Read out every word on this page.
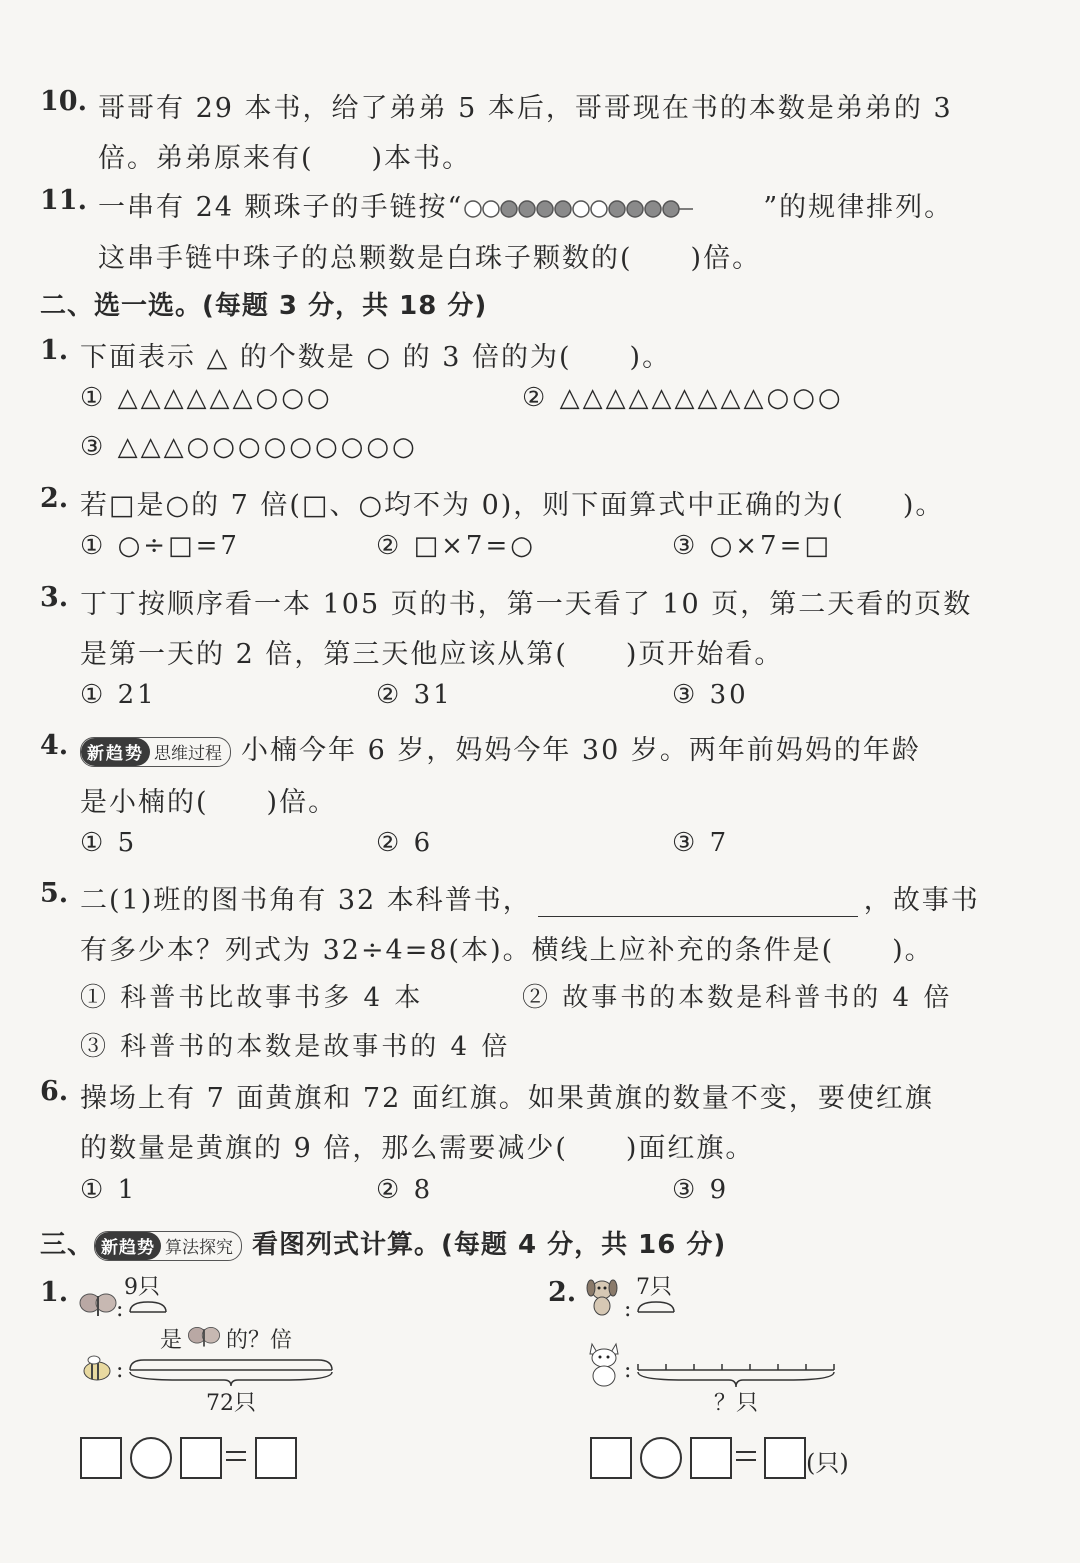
10. 哥哥有 29 本书，给了弟弟 5 本后，哥哥现在书的本数是弟弟的 3
倍。弟弟原来有(　　)本书。
11. 一串有 24 颗珠子的手链按“	”的规律排列。
这串手链中珠子的总颗数是白珠子颗数的(　　)倍。
二、选一选。(每题 3 分，共 18 分)
1. 下面表示 △ 的个数是 ○ 的 3 倍的为(　　)。
① △△△△△△○○○	② △△△△△△△△△○○○
③ △△△○○○○○○○○○
2. 若□是○的 7 倍(□、○均不为 0)，则下面算式中正确的为(　　)。
① ○÷□=7	② □×7=○	③ ○×7=□
3. 丁丁按顺序看一本 105 页的书，第一天看了 10 页，第二天看的页数
是第一天的 2 倍，第三天他应该从第(　　)页开始看。
① 21	② 31	③ 30
4.	新趋势 思维过程 小楠今年 6 岁，妈妈今年 30 岁。两年前妈妈的年龄
是小楠的(　　)倍。
① 5	② 6	③ 7
5. 二(1)班的图书角有 32 本科普书，	，故事书
有多少本？列式为 32÷4=8(本)。横线上应补充的条件是(　　)。
① 科普书比故事书多 4 本	② 故事书的本数是科普书的 4 倍
③ 科普书的本数是故事书的 4 倍
6. 操场上有 7 面黄旗和 72 面红旗。如果黄旗的数量不变，要使红旗
的数量是黄旗的 9 倍，那么需要减少(　　)面红旗。
① 1	② 8	③ 9
三、 新趋势 算法探究 看图列式计算。(每题 4 分，共 16 分)
1.	9只
:
是 的？倍
:
72只
2.	7只
:
:
？只
(只)
